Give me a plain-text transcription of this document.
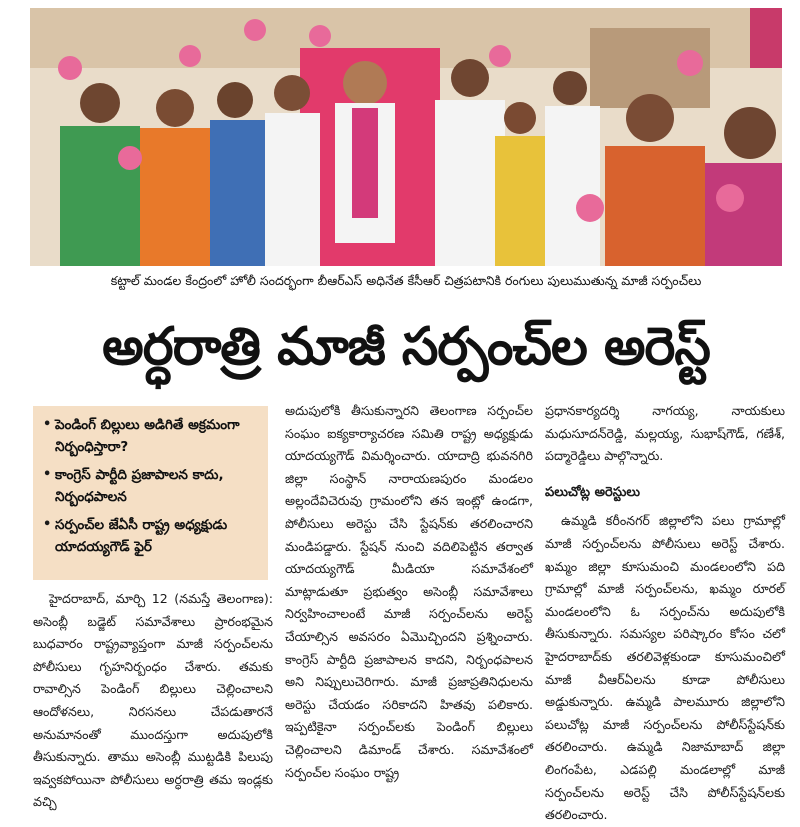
కట్టాల్ మండల కేంద్రంలో హోలీ సందర్భంగా బీఆర్ఎస్ అధినేత కేసీఆర్ చిత్రపటానికి రంగులు పులుముతున్న మాజీ సర్పంచ్‌లు
అర్ధరాత్రి మాజీ సర్పంచ్‌ల అరెస్ట్
• పెండింగ్ బిల్లులు అడిగితే అక్రమంగా నిర్బంధిస్తారా?
• కాంగ్రెస్ పార్టీది ప్రజాపాలన కాదు, నిర్బంధపాలన
• సర్పంచ్‌ల జేఏసీ రాష్ట్ర అధ్యక్షుడు యాదయ్యగౌడ్ ఫైర్

హైదరాబాద్, మార్చి 12 (నమస్తే తెలంగాణ): అసెంబ్లీ బడ్జెట్ సమావేశాలు ప్రారంభమైన బుధవారం రాష్ట్రవ్యాప్తంగా మాజీ సర్పంచ్‌లను పోలీసులు గృహనిర్బంధం చేశారు. తమకు రావాల్సిన పెండింగ్ బిల్లులు చెల్లించాలని ఆందోళనలు, నిరసనలు చేపడుతారనే అనుమానంతో ముందస్తుగా అదుపులోకి తీసుకున్నారు. తాము అసెంబ్లీ ముట్టడికి పిలుపు ఇవ్వకపోయినా పోలీసులు అర్ధరాత్రి తమ ఇండ్లకు వచ్చి

అదుపులోకి తీసుకున్నారని తెలంగాణ సర్పంచ్‌ల సంఘం ఐక్యకార్యాచరణ సమితి రాష్ట్ర అధ్యక్షుడు యాదయ్యగౌడ్ విమర్శించారు. యాదాద్రి భువనగిరి జిల్లా సంస్థాన్ నారాయణపురం మండలం అల్లందేవిచెరువు గ్రామంలోని తన ఇంట్లో ఉండగా, పోలీసులు అరెస్టు చేసి స్టేషన్‌కు తరలించారని మండిపడ్డారు. స్టేషన్ నుంచి వదిలిపెట్టిన తర్వాత యాదయ్యగౌడ్ మీడియా సమావేశంలో మాట్లాడుతూ ప్రభుత్వం అసెంబ్లీ సమావేశాలు నిర్వహించాలంటే మాజీ సర్పంచ్‌లను అరెస్ట్ చేయాల్సిన అవసరం ఏమొచ్చిందని ప్రశ్నించారు. కాంగ్రెస్ పార్టీది ప్రజాపాలన కాదని, నిర్బంధపాలన అని నిప్పులుచెరిగారు. మాజీ ప్రజాప్రతినిధులను అరెస్టు చేయడం సరికాదని హితవు పలికారు. ఇప్పటికైనా సర్పంచ్‌లకు పెండింగ్ బిల్లులు చెల్లించాలని డిమాండ్ చేశారు. సమావేశంలో సర్పంచ్‌ల సంఘం రాష్ట్ర

ప్రధానకార్యదర్శి నాగయ్య, నాయకులు మధుసూదన్‌రెడ్డి, మల్లయ్య, సుభాష్‌గౌడ్, గణేశ్, పద్మారెడ్డిలు పాల్గొన్నారు.

పలుచోట్ల అరెస్టులు

ఉమ్మడి కరీంనగర్ జిల్లాలోని పలు గ్రామాల్లో మాజీ సర్పంచ్‌లను పోలీసులు అరెస్ట్ చేశారు. ఖమ్మం జిల్లా కూసుమంచి మండలంలోని పది గ్రామాల్లో మాజీ సర్పంచ్‌లను, ఖమ్మం రూరల్ మండలంలోని ఓ సర్పంచ్‌ను అదుపులోకి తీసుకున్నారు. సమస్యల పరిష్కారం కోసం చలో హైదరాబాద్‌కు తరలివెళ్లకుండా కూసుమంచిలో మాజీ వీఆర్‌ఏలను కూడా పోలీసులు అడ్డుకున్నారు. ఉమ్మడి పాలమూరు జిల్లాలోని పలుచోట్ల మాజీ సర్పంచ్‌లను పోలీస్‌స్టేషన్‌కు తరలించారు. ఉమ్మడి నిజామాబాద్ జిల్లా లింగంపేట, ఎడపల్లి మండలాల్లో మాజీ సర్పంచ్‌లను అరెస్ట్ చేసి పోలీస్‌స్టేషన్‌లకు తరలించారు.
